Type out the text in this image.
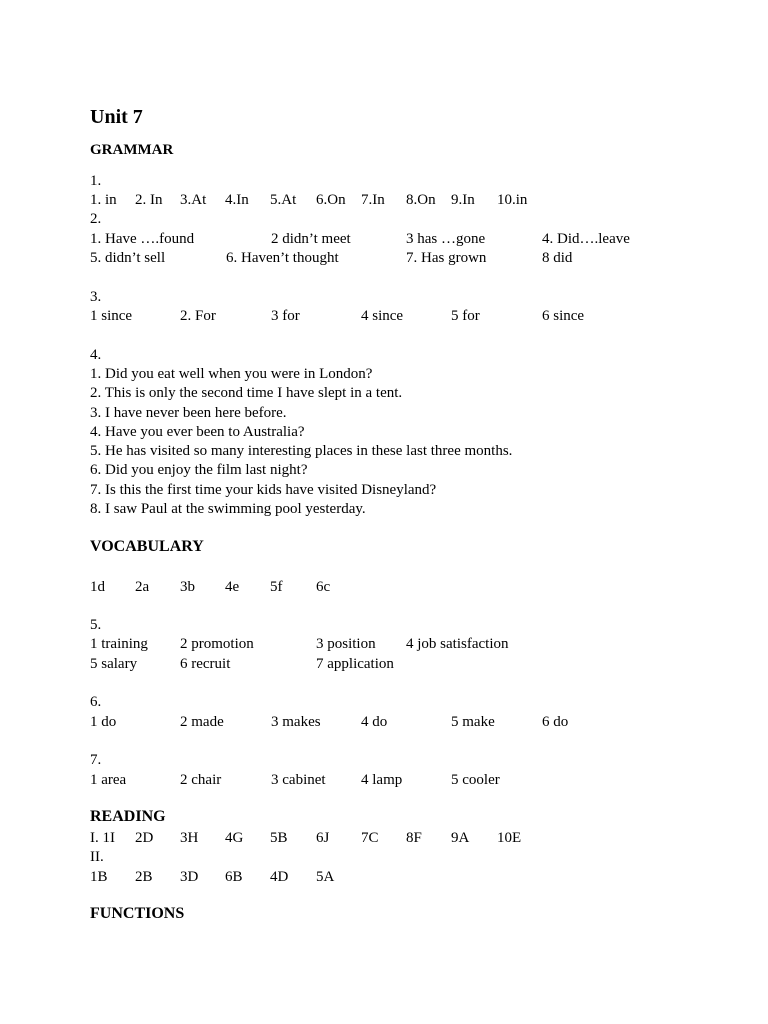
Unit 7
GRAMMAR
1.
1. in 2. In 3.At 4.In 5.At 6.On 7.In 8.On 9.In 10.in
2.
1. Have ….found	2 didn’t meet	3 has …gone	4. Did….leave
5. didn’t sell	6. Haven’t thought	7. Has grown	8 did
3.
1 since	2. For	3 for	4 since	5 for	6 since
4.
1. Did you eat well when you were in London?
2. This is only the second time I have slept in a tent.
3. I have never been here before.
4. Have you ever been to Australia?
5. He has visited so many interesting places in these last three months.
6. Did you enjoy the film last night?
7. Is this the first time your kids have visited Disneyland?
8. I saw Paul at the swimming pool yesterday.
VOCABULARY
1d 2a 3b 4e 5f 6c
5.
1 training 2 promotion	3 position 4 job satisfaction
5 salary	6 recruit	7 application
6.
1 do	2 made	3 makes	4 do	5 make	6 do
7.
1 area	2 chair	3 cabinet 4 lamp	5 cooler
READING
I. 1I 2D 3H 4G 5B 6J 7C 8F 9A 10E
II.
1B 2B 3D 6B 4D 5A
FUNCTIONS
